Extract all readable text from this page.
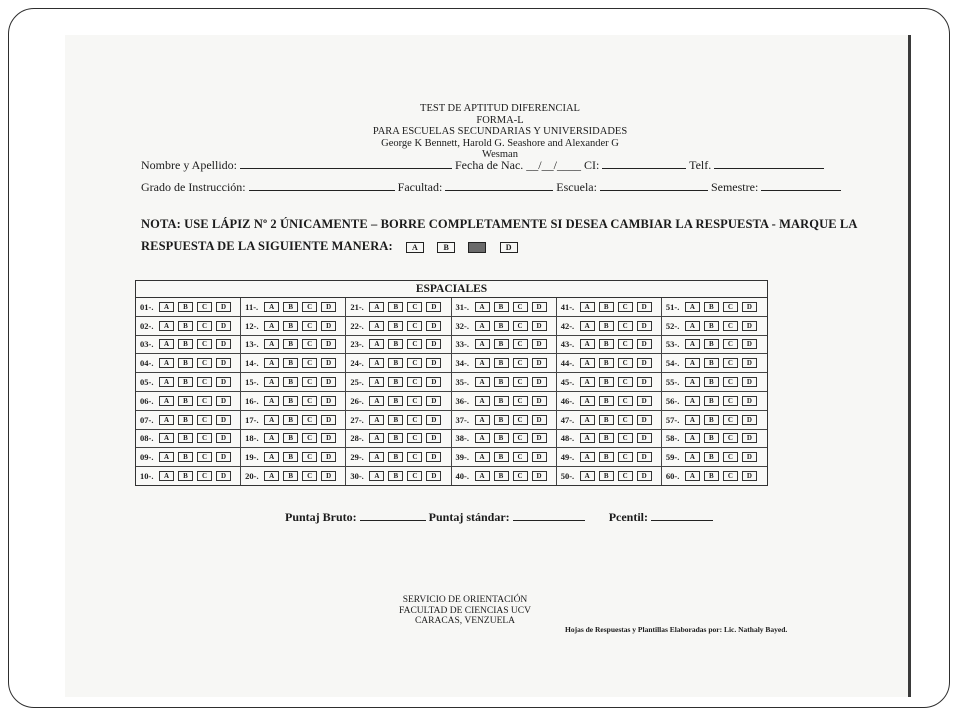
TEST DE APTITUD DIFERENCIAL
FORMA-L
PARA ESCUELAS SECUNDARIAS Y UNIVERSIDADES
George K Bennett, Harold G. Seashore and Alexander G Wesman
Nombre y Apellido:	Fecha de Nac. __/__/____ CI:	Telf.
Grado de Instrucción:	Facultad:	Escuela:	Semestre:
NOTA: USE LÁPIZ Nº 2 ÚNICAMENTE – BORRE COMPLETAMENTE SI DESEA CAMBIAR LA RESPUESTA - MARQUE LA
RESPUESTA DE LA SIGUIENTE MANERA: A	B	C	D
ESPACIALES
01-.	A	B	C	D	11-.	A	B	C	D	21-.	A	B	C	D	31-.	A	B	C	D	41-.	A	B	C	D	51-.	A	B	C	D
02-.	A	B	C	D	12-.	A	B	C	D	22-.	A	B	C	D	32-.	A	B	C	D	42-.	A	B	C	D	52-.	A	B	C	D
03-.	A	B	C	D	13-.	A	B	C	D	23-.	A	B	C	D	33-.	A	B	C	D	43-.	A	B	C	D	53-.	A	B	C	D
04-.	A	B	C	D	14-.	A	B	C	D	24-.	A	B	C	D	34-.	A	B	C	D	44-.	A	B	C	D	54-.	A	B	C	D
05-.	A	B	C	D	15-.	A	B	C	D	25-.	A	B	C	D	35-.	A	B	C	D	45-.	A	B	C	D	55-.	A	B	C	D
06-.	A	B	C	D	16-.	A	B	C	D	26-.	A	B	C	D	36-.	A	B	C	D	46-.	A	B	C	D	56-.	A	B	C	D
07-.	A	B	C	D	17-.	A	B	C	D	27-.	A	B	C	D	37-.	A	B	C	D	47-.	A	B	C	D	57-.	A	B	C	D
08-.	A	B	C	D	18-.	A	B	C	D	28-.	A	B	C	D	38-.	A	B	C	D	48-.	A	B	C	D	58-.	A	B	C	D
09-.	A	B	C	D	19-.	A	B	C	D	29-.	A	B	C	D	39-.	A	B	C	D	49-.	A	B	C	D	59-.	A	B	C	D
10-.	A	B	C	D	20-.	A	B	C	D	30-.	A	B	C	D	40-.	A	B	C	D	50-.	A	B	C	D	60-.	A	B	C	D
Puntaj Bruto:	Puntaj stándar:	Pcentil:
SERVICIO DE ORIENTACIÓN
FACULTAD DE CIENCIAS UCV
CARACAS, VENZUELA
Hojas de Respuestas y Plantillas Elaboradas por: Lic. Nathaly Bayed.
